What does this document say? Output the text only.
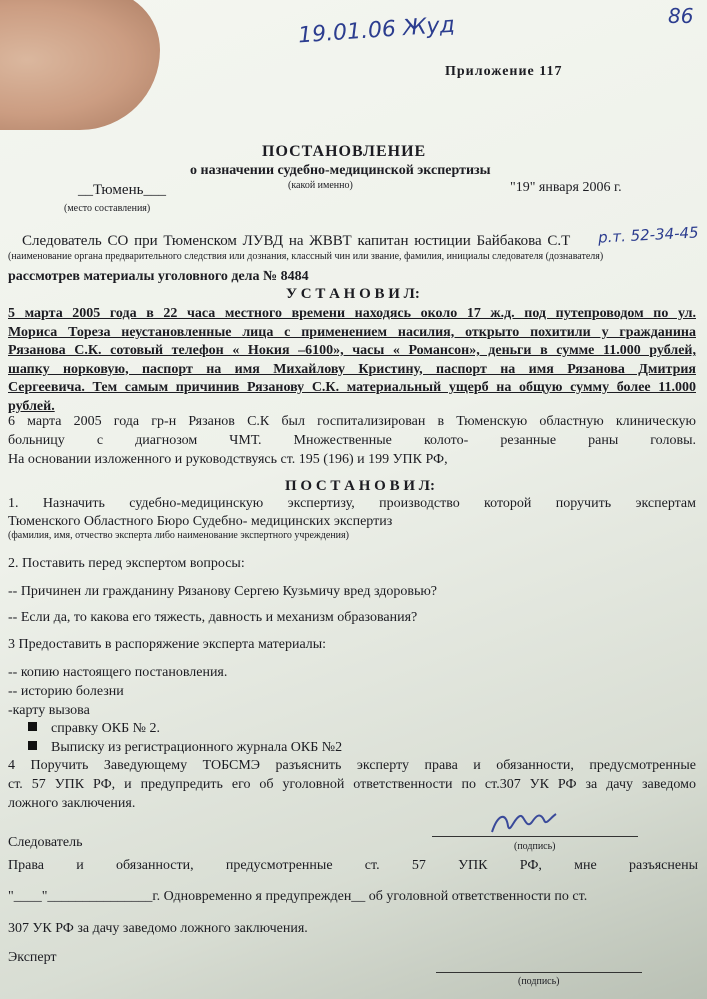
19.01.06 Жуд	86
Приложение 117
ПОСТАНОВЛЕНИЕ
о назначении судебно-медицинской экспертизы
(какой именно)
__Тюмень___
(место составления)
"19" января 2006 г.
Следователь СО при Тюменском ЛУВД на ЖВВТ капитан юстиции Байбакова С.Т р.т. 52-34-45
(наименование органа предварительного следствия или дознания, классный чин или звание, фамилия, инициалы следователя (дознавателя)
рассмотрев материалы уголовного дела № 8484
У С Т А Н О В И Л:
5 марта 2005 года в 22 часа местного времени находясь около 17 ж.д. под путепроводом по ул.
Мориса Тореза неустановленные лица с применением насилия, открыто похитили у гражданина
Рязанова С.К. сотовый телефон « Нокия –6100», часы « Романсон», деньги в сумме 11.000 рублей,
шапку норковую, паспорт на имя Михайлову Кристину, паспорт на имя Рязанова Дмитрия
Сергеевича. Тем самым причинив Рязанову С.К. материальный ущерб на общую сумму более 11.000
рублей.
6 марта 2005 года гр-н Рязанов С.К был госпитализирован в Тюменскую областную клиническую
больницу с диагнозом ЧМТ. Множественные колото- резанные раны головы.
На основании изложенного и руководствуясь ст. 195 (196) и 199 УПК РФ,
П О С Т А Н О В И Л:
1. Назначить судебно-медицинскую экспертизу, производство которой поручить экспертам
Тюменского Областного Бюро Судебно- медицинских экспертиз
(фамилия, имя, отчество эксперта либо наименование экспертного учреждения)
2. Поставить перед экспертом вопросы:
-- Причинен ли гражданину Рязанову Сергею Кузьмичу вред здоровью?
-- Если да, то какова его тяжесть, давность и механизм образования?
3 Предоставить в распоряжение эксперта материалы:
-- копию настоящего постановления.
-- историю болезни
-карту вызова
справку ОКБ № 2.
Выписку из регистрационного журнала ОКБ №2
4 Поручить Заведующему ТОБСМЭ разъяснить эксперту права и обязанности, предусмотренные
ст. 57 УПК РФ, и предупредить его об уголовной ответственности по ст.307 УК РФ за дачу заведомо
ложного заключения.
Следователь	(подпись)
Права и обязанности, предусмотренные ст. 57 УПК РФ, мне разъяснены
"____"_______________г. Одновременно я предупрежден__ об уголовной ответственности по ст.
307 УК РФ за дачу заведомо ложного заключения.
Эксперт
(подпись)
